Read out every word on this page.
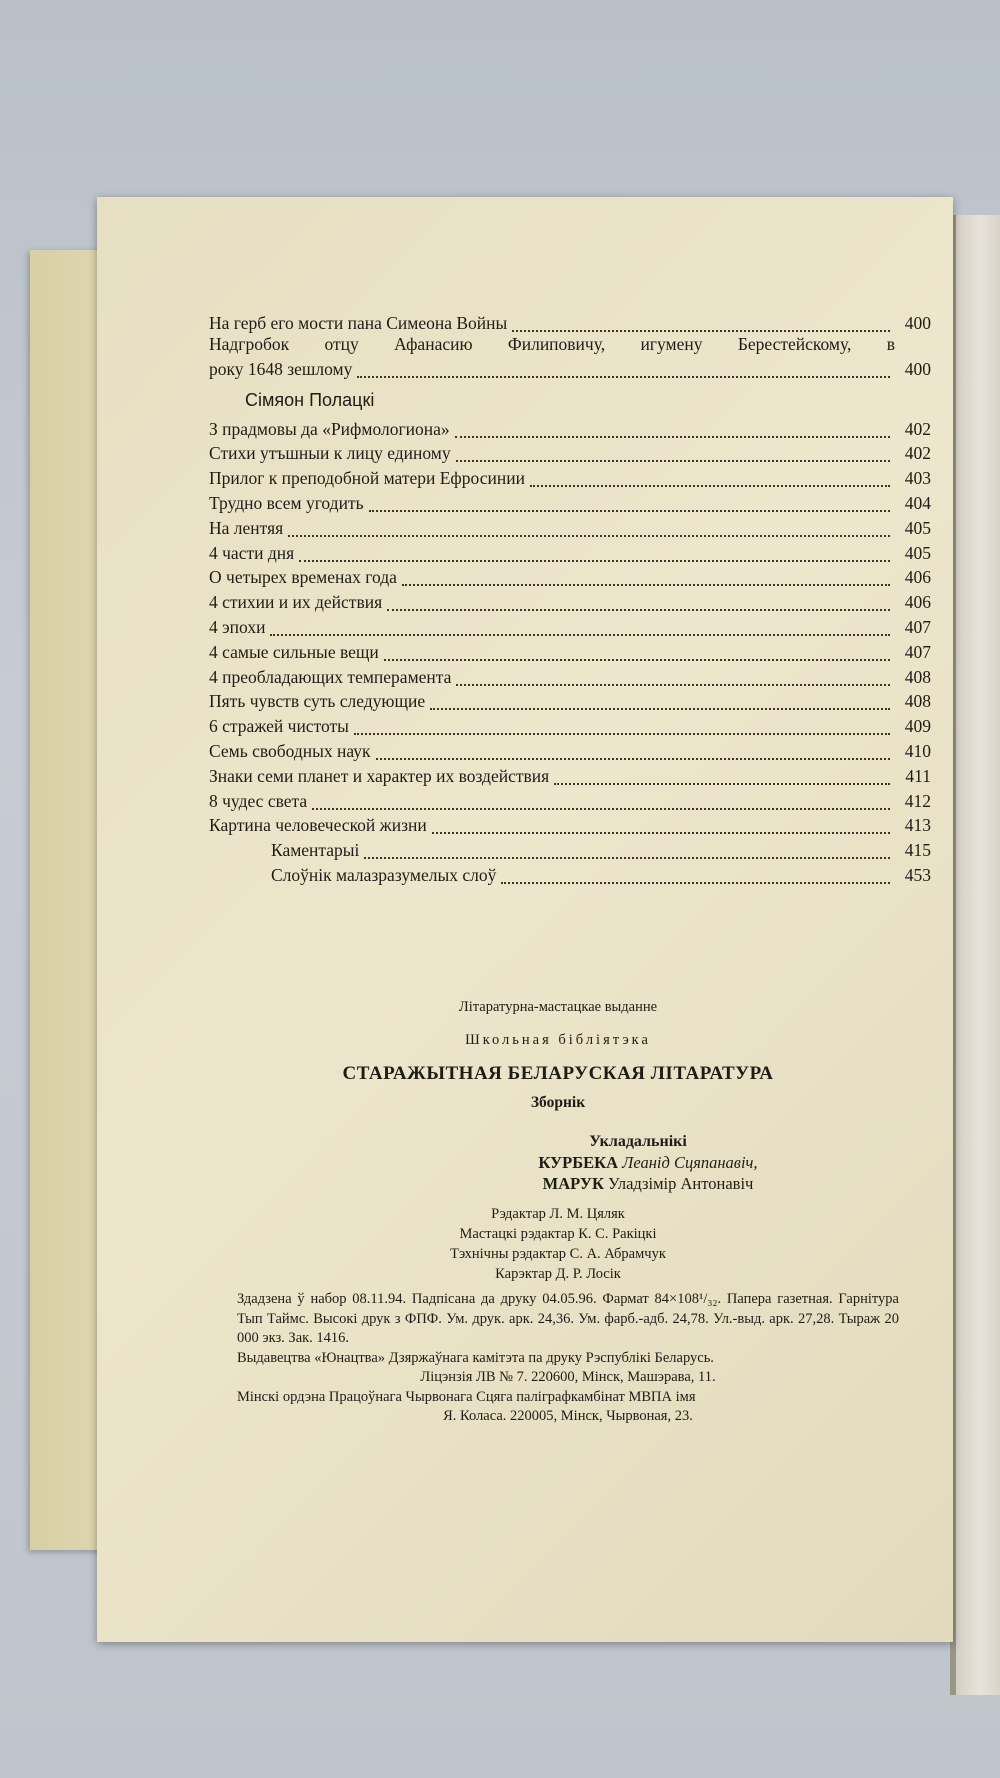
На герб его мости пана Симеона Войны	400
Надгробок отцу Афанасию Филиповичу, игумену Берестейскому, в
року 1648 зешлому	400
Сімяон Полацкі
З прадмовы да «Рифмологиона»	402
Стихи утъшныи к лицу единому	402
Прилог к преподобной матери Ефросинии	403
Трудно всем угодить	404
На лентяя	405
4 части дня	405
О четырех временах года	406
4 стихии и их действия	406
4 эпохи	407
4 самые сильные вещи	407
4 преобладающих темперамента	408
Пять чувств суть следующие	408
6 стражей чистоты	409
Семь свободных наук	410
Знаки семи планет и характер их воздействия	411
8 чудес света	412
Картина человеческой жизни	413
Каментарыі	415
Слоўнік малазразумелых слоў	453
Літаратурна-мастацкае выданне
Школьная бібліятэка
СТАРАЖЫТНАЯ БЕЛАРУСКАЯ ЛІТАРАТУРА
Зборнік
Укладальнікі
КУРБЕКА Леанід Сцяпанавіч,
МАРУК Уладзімір Антонавіч
Рэдактар Л. М. Цяляк
Мастацкі рэдактар К. С. Ракіцкі
Тэхнічны рэдактар С. А. Абрамчук
Карэктар Д. Р. Лосік

Здадзена ў набор 08.11.94. Падпісана да друку 04.05.96. Фармат 84×108¹/₃₂. Папера газетная. Гарнітура Тып Таймс. Высокі друк з ФПФ. Ум. друк. арк. 24,36. Ум. фарб.-адб. 24,78. Ул.-выд. арк. 27,28. Тыраж 20 000 экз. Зак. 1416.

Выдавецтва «Юнацтва» Дзяржаўнага камітэта па друку Рэспублікі Беларусь.

Ліцэнзія ЛВ № 7. 220600, Мінск, Машэрава, 11.

Мінскі ордэна Працоўнага Чырвонага Сцяга паліграфкамбінат МВПА імя

Я. Коласа. 220005, Мінск, Чырвоная, 23.
